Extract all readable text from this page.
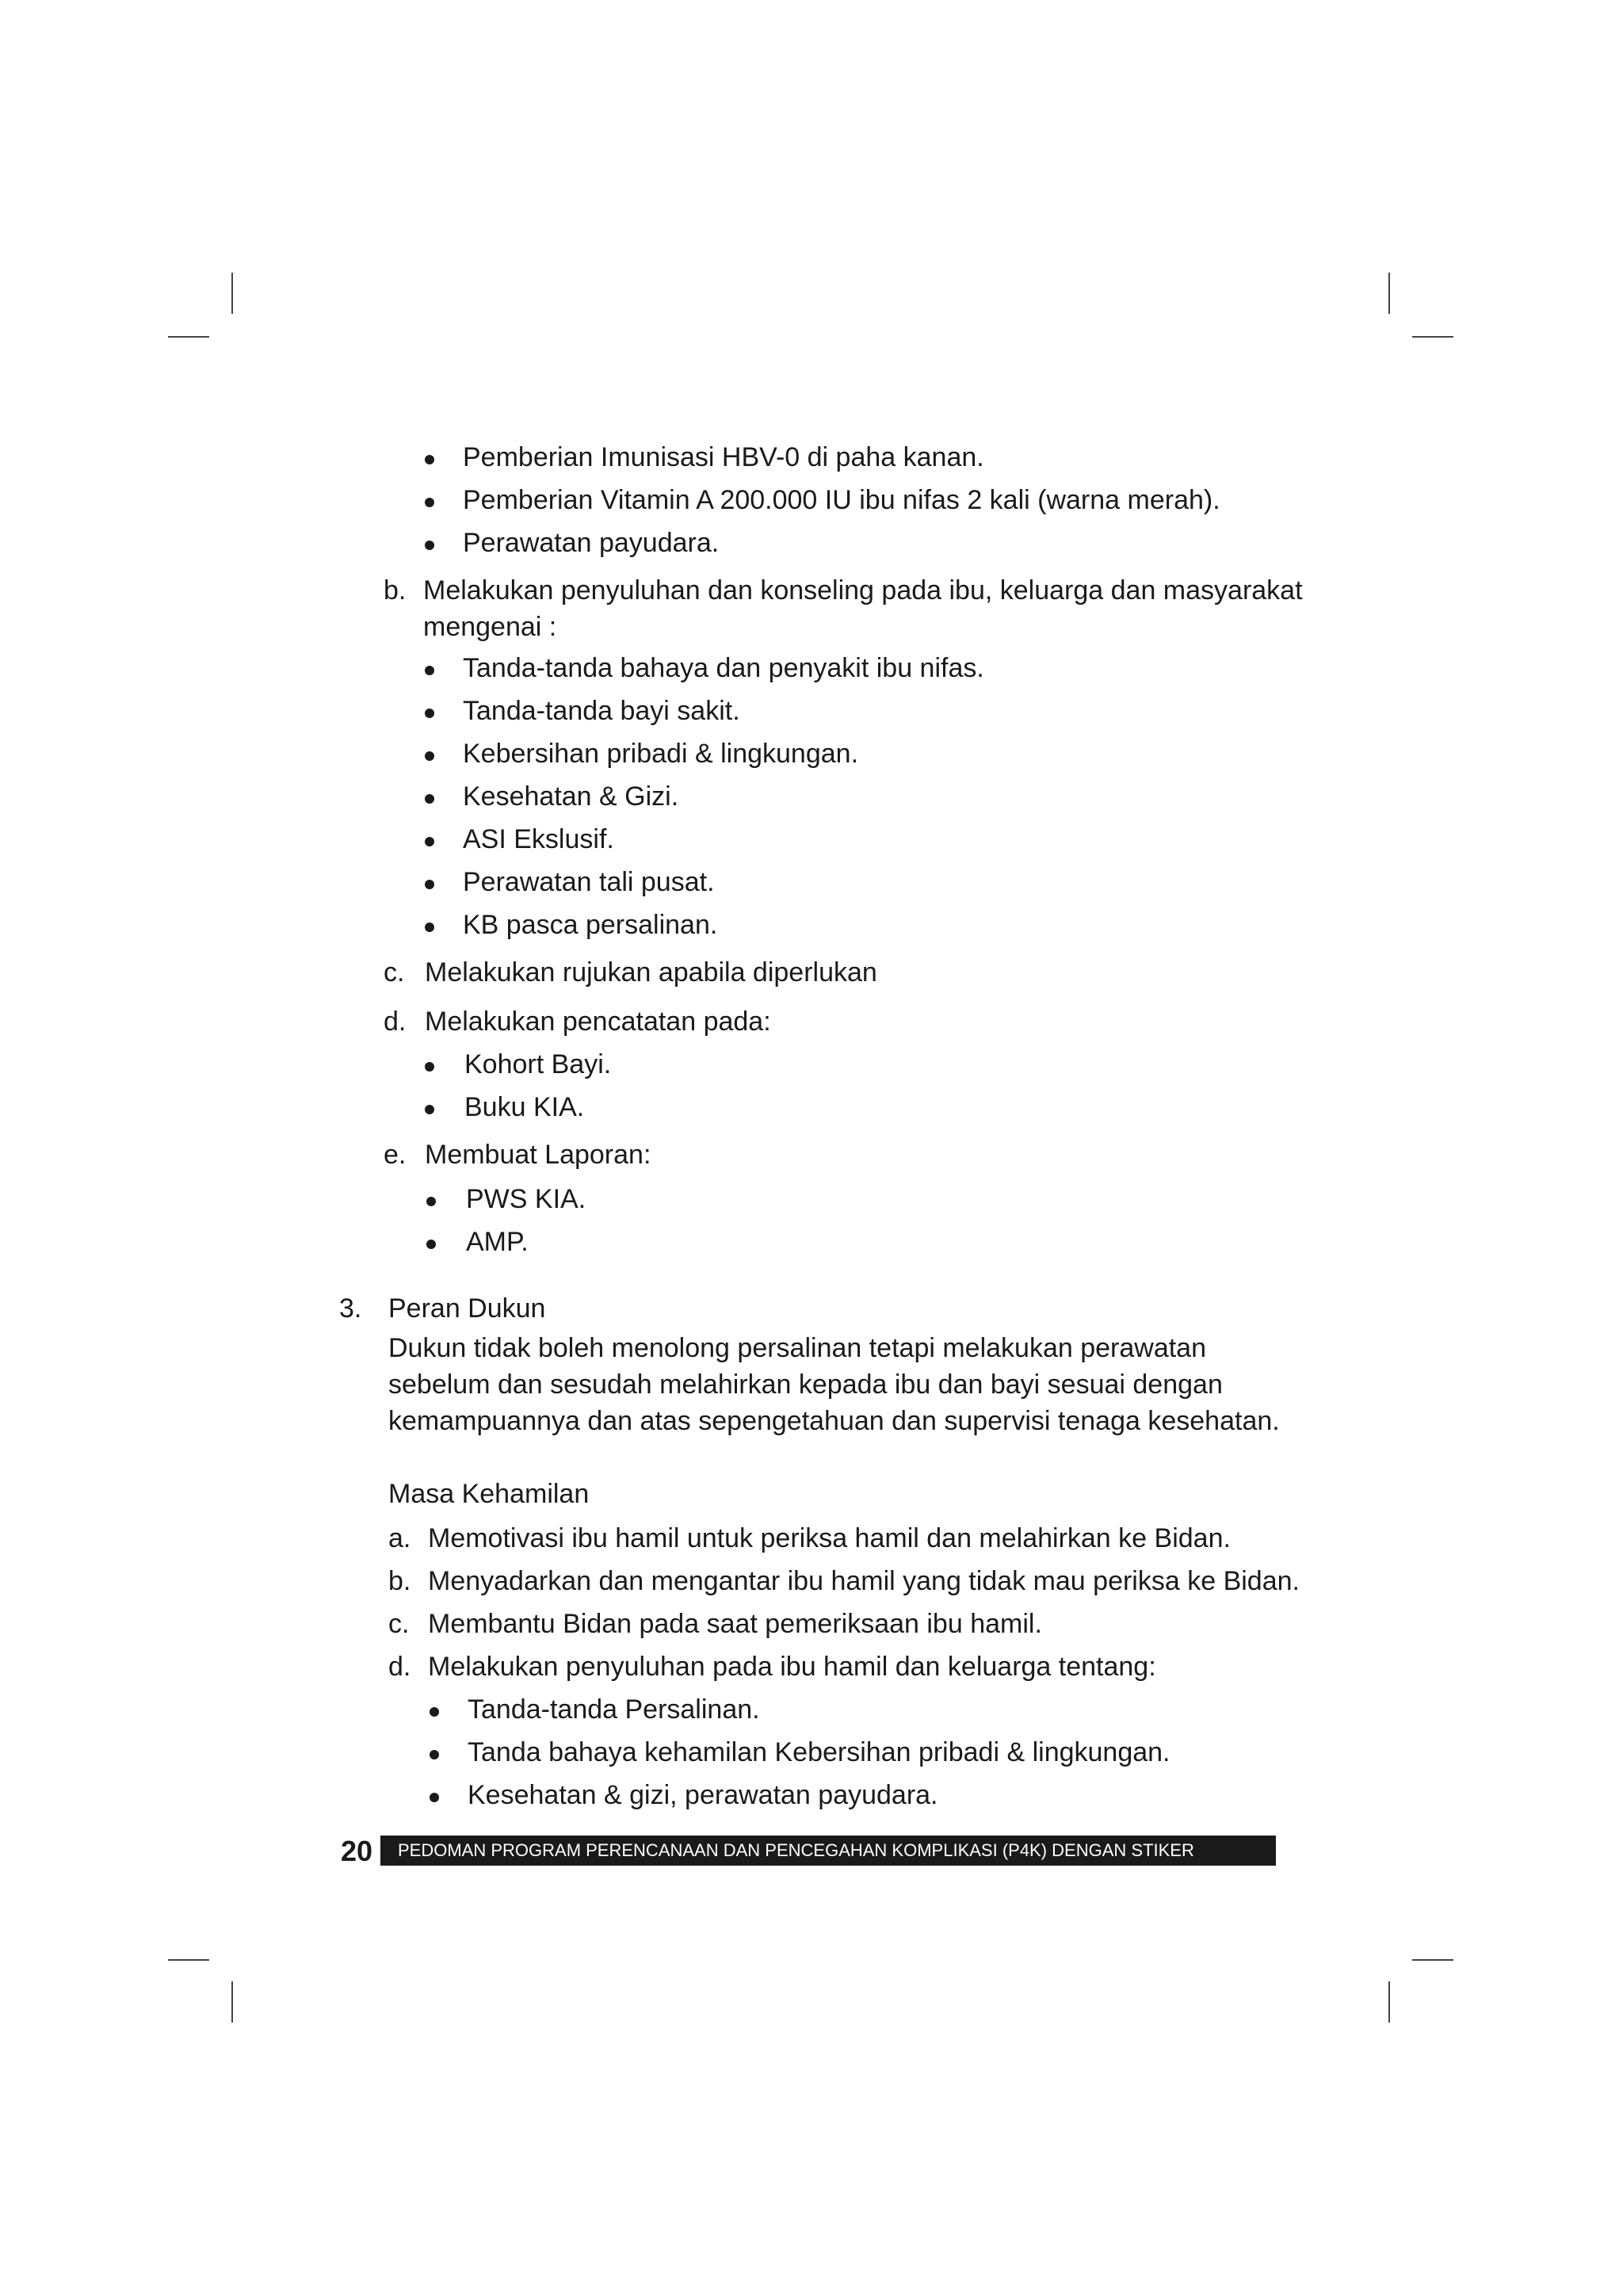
Pemberian Imunisasi HBV-0 di paha kanan.
Pemberian Vitamin A 200.000 IU ibu nifas 2 kali (warna merah).
Perawatan payudara.
b. Melakukan penyuluhan dan konseling pada ibu, keluarga dan masyarakat
mengenai :
Tanda-tanda bahaya dan penyakit ibu nifas.
Tanda-tanda bayi sakit.
Kebersihan pribadi & lingkungan.
Kesehatan & Gizi.
ASI Ekslusif.
Perawatan tali pusat.
KB pasca persalinan.
c. Melakukan rujukan apabila diperlukan
d. Melakukan pencatatan pada:
Kohort Bayi.
Buku KIA.
e. Membuat Laporan:
PWS KIA.
AMP.
3. Peran Dukun
Dukun tidak boleh menolong persalinan tetapi melakukan perawatan sebelum dan sesudah melahirkan kepada ibu dan bayi sesuai dengan kemampuannya dan atas sepengetahuan dan supervisi tenaga kesehatan.
Masa Kehamilan
a. Memotivasi ibu hamil untuk periksa hamil dan melahirkan ke Bidan.
b. Menyadarkan dan mengantar ibu hamil yang tidak mau periksa ke Bidan.
c. Membantu Bidan pada saat pemeriksaan ibu hamil.
d. Melakukan penyuluhan pada ibu hamil dan keluarga tentang:
Tanda-tanda Persalinan.
Tanda bahaya kehamilan Kebersihan pribadi & lingkungan.
Kesehatan & gizi, perawatan payudara.
20	PEDOMAN PROGRAM PERENCANAAN DAN PENCEGAHAN KOMPLIKASI (P4K) DENGAN STIKER
